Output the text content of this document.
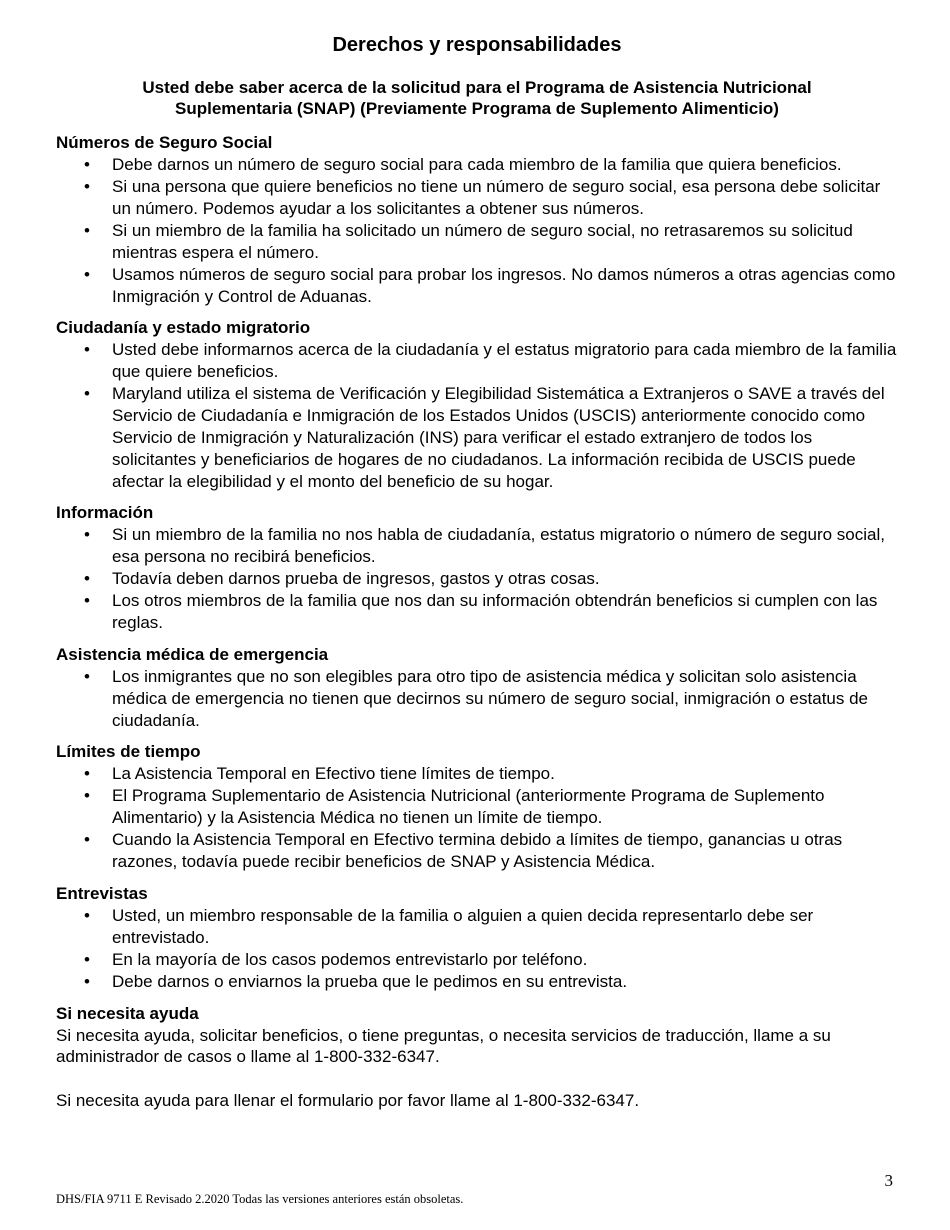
Derechos y responsabilidades
Usted debe saber acerca de la solicitud para el Programa de Asistencia Nutricional
Suplementaria (SNAP) (Previamente Programa de Suplemento Alimenticio)
Números de Seguro Social
• Debe darnos un número de seguro social para cada miembro de la familia que quiera beneficios.
• Si una persona que quiere beneficios no tiene un número de seguro social, esa persona debe solicitar un número. Podemos ayudar a los solicitantes a obtener sus números.
• Si un miembro de la familia ha solicitado un número de seguro social, no retrasaremos su solicitud mientras espera el número.
• Usamos números de seguro social para probar los ingresos. No damos números a otras agencias como Inmigración y Control de Aduanas.
Ciudadanía y estado migratorio
• Usted debe informarnos acerca de la ciudadanía y el estatus migratorio para cada miembro de la familia que quiere beneficios.
• Maryland utiliza el sistema de Verificación y Elegibilidad Sistemática a Extranjeros o SAVE a través del Servicio de Ciudadanía e Inmigración de los Estados Unidos (USCIS) anteriormente conocido como Servicio de Inmigración y Naturalización (INS) para verificar el estado extranjero de todos los solicitantes y beneficiarios de hogares de no ciudadanos. La información recibida de USCIS puede afectar la elegibilidad y el monto del beneficio de su hogar.
Información
• Si un miembro de la familia no nos habla de ciudadanía, estatus migratorio o número de seguro social, esa persona no recibirá beneficios.
• Todavía deben darnos prueba de ingresos, gastos y otras cosas.
• Los otros miembros de la familia que nos dan su información obtendrán beneficios si cumplen con las reglas.
Asistencia médica de emergencia
• Los inmigrantes que no son elegibles para otro tipo de asistencia médica y solicitan solo asistencia médica de emergencia no tienen que decirnos su número de seguro social, inmigración o estatus de ciudadanía.
Límites de tiempo
• La Asistencia Temporal en Efectivo tiene límites de tiempo.
• El Programa Suplementario de Asistencia Nutricional (anteriormente Programa de Suplemento Alimentario) y la Asistencia Médica no tienen un límite de tiempo.
• Cuando la Asistencia Temporal en Efectivo termina debido a límites de tiempo, ganancias u otras razones, todavía puede recibir beneficios de SNAP y Asistencia Médica.
Entrevistas
• Usted, un miembro responsable de la familia o alguien a quien decida representarlo debe ser entrevistado.
• En la mayoría de los casos podemos entrevistarlo por teléfono.
• Debe darnos o enviarnos la prueba que le pedimos en su entrevista.
Si necesita ayuda

Si necesita ayuda, solicitar beneficios, o tiene preguntas, o necesita servicios de traducción, llame a su administrador de casos o llame al 1-800-332-6347.

Si necesita ayuda para llenar el formulario por favor llame al 1-800-332-6347.

3
DHS/FIA 9711 E Revisado 2.2020 Todas las versiones anteriores están obsoletas.
